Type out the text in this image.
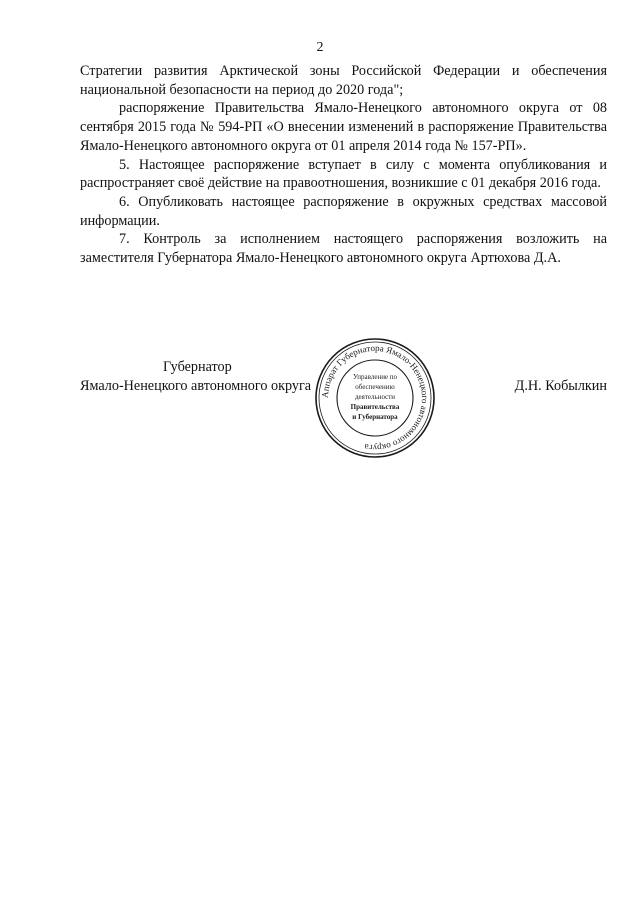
2

Стратегии развития Арктической зоны Российской Федерации и обеспечения национальной безопасности на период до 2020 года";

распоряжение Правительства Ямало-Ненецкого автономного округа от 08 сентября 2015 года № 594-РП «О внесении изменений в распоряжение Правительства Ямало-Ненецкого автономного округа от 01 апреля 2014 года № 157-РП».

5. Настоящее распоряжение вступает в силу с момента опубликования и распространяет своё действие на правоотношения, возникшие с 01 декабря 2016 года.

6. Опубликовать настоящее распоряжение в окружных средствах массовой информации.

7. Контроль за исполнением настоящего распоряжения возложить на заместителя Губернатора Ямало-Ненецкого автономного округа Артюхова Д.А.

Губернатор
Ямало-Ненецкого автономного округа	Д.Н. Кобылкин
Аппарат Губернатора Ямало-Ненецкого автономного округа
Управление по
обеспечению
деятельности
Правительства
и Губернатора
